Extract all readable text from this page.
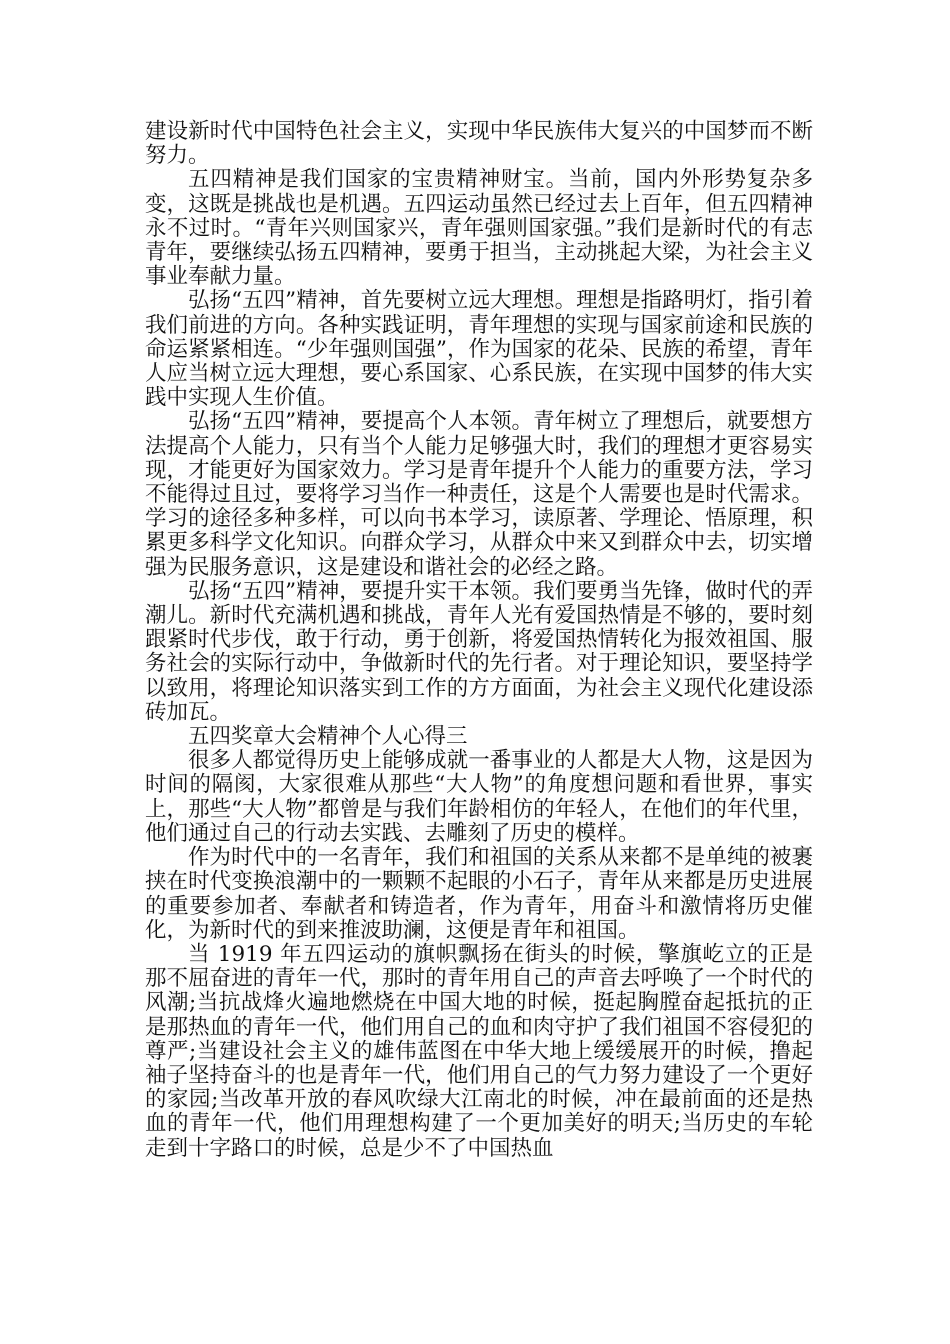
建设新时代中国特色社会主义，实现中华民族伟大复兴的中国梦而不断努力。

五四精神是我们国家的宝贵精神财宝。当前，国内外形势复杂多变，这既是挑战也是机遇。五四运动虽然已经过去上百年，但五四精神永不过时。“青年兴则国家兴，青年强则国家强。”我们是新时代的有志青年，要继续弘扬五四精神，要勇于担当，主动挑起大梁，为社会主义事业奉献力量。

弘扬“五四”精神，首先要树立远大理想。理想是指路明灯，指引着我们前进的方向。各种实践证明，青年理想的实现与国家前途和民族的命运紧紧相连。“少年强则国强”，作为国家的花朵、民族的希望，青年人应当树立远大理想，要心系国家、心系民族，在实现中国梦的伟大实践中实现人生价值。

弘扬“五四”精神，要提高个人本领。青年树立了理想后，就要想方法提高个人能力，只有当个人能力足够强大时，我们的理想才更容易实现，才能更好为国家效力。学习是青年提升个人能力的重要方法，学习不能得过且过，要将学习当作一种责任，这是个人需要也是时代需求。学习的途径多种多样，可以向书本学习，读原著、学理论、悟原理，积累更多科学文化知识。向群众学习，从群众中来又到群众中去，切实增强为民服务意识，这是建设和谐社会的必经之路。

弘扬“五四”精神，要提升实干本领。我们要勇当先锋，做时代的弄潮儿。新时代充满机遇和挑战，青年人光有爱国热情是不够的，要时刻跟紧时代步伐，敢于行动，勇于创新，将爱国热情转化为报效祖国、服务社会的实际行动中，争做新时代的先行者。对于理论知识，要坚持学以致用，将理论知识落实到工作的方方面面，为社会主义现代化建设添砖加瓦。

五四奖章大会精神个人心得三

很多人都觉得历史上能够成就一番事业的人都是大人物，这是因为时间的隔阂，大家很难从那些“大人物”的角度想问题和看世界，事实上，那些“大人物”都曾是与我们年龄相仿的年轻人，在他们的年代里，他们通过自己的行动去实践、去雕刻了历史的模样。

作为时代中的一名青年，我们和祖国的关系从来都不是单纯的被裹挟在时代变换浪潮中的一颗颗不起眼的小石子，青年从来都是历史进展的重要参加者、奉献者和铸造者，作为青年，用奋斗和激情将历史催化，为新时代的到来推波助澜，这便是青年和祖国。

当 1919 年五四运动的旗帜飘扬在街头的时候，擎旗屹立的正是那不屈奋进的青年一代，那时的青年用自己的声音去呼唤了一个时代的风潮;当抗战烽火遍地燃烧在中国大地的时候，挺起胸膛奋起抵抗的正是那热血的青年一代，他们用自己的血和肉守护了我们祖国不容侵犯的尊严;当建设社会主义的雄伟蓝图在中华大地上缓缓展开的时候，撸起袖子坚持奋斗的也是青年一代，他们用自己的气力努力建设了一个更好的家园;当改革开放的春风吹绿大江南北的时候，冲在最前面的还是热血的青年一代，他们用理想构建了一个更加美好的明天;当历史的车轮走到十字路口的时候，总是少不了中国热血
